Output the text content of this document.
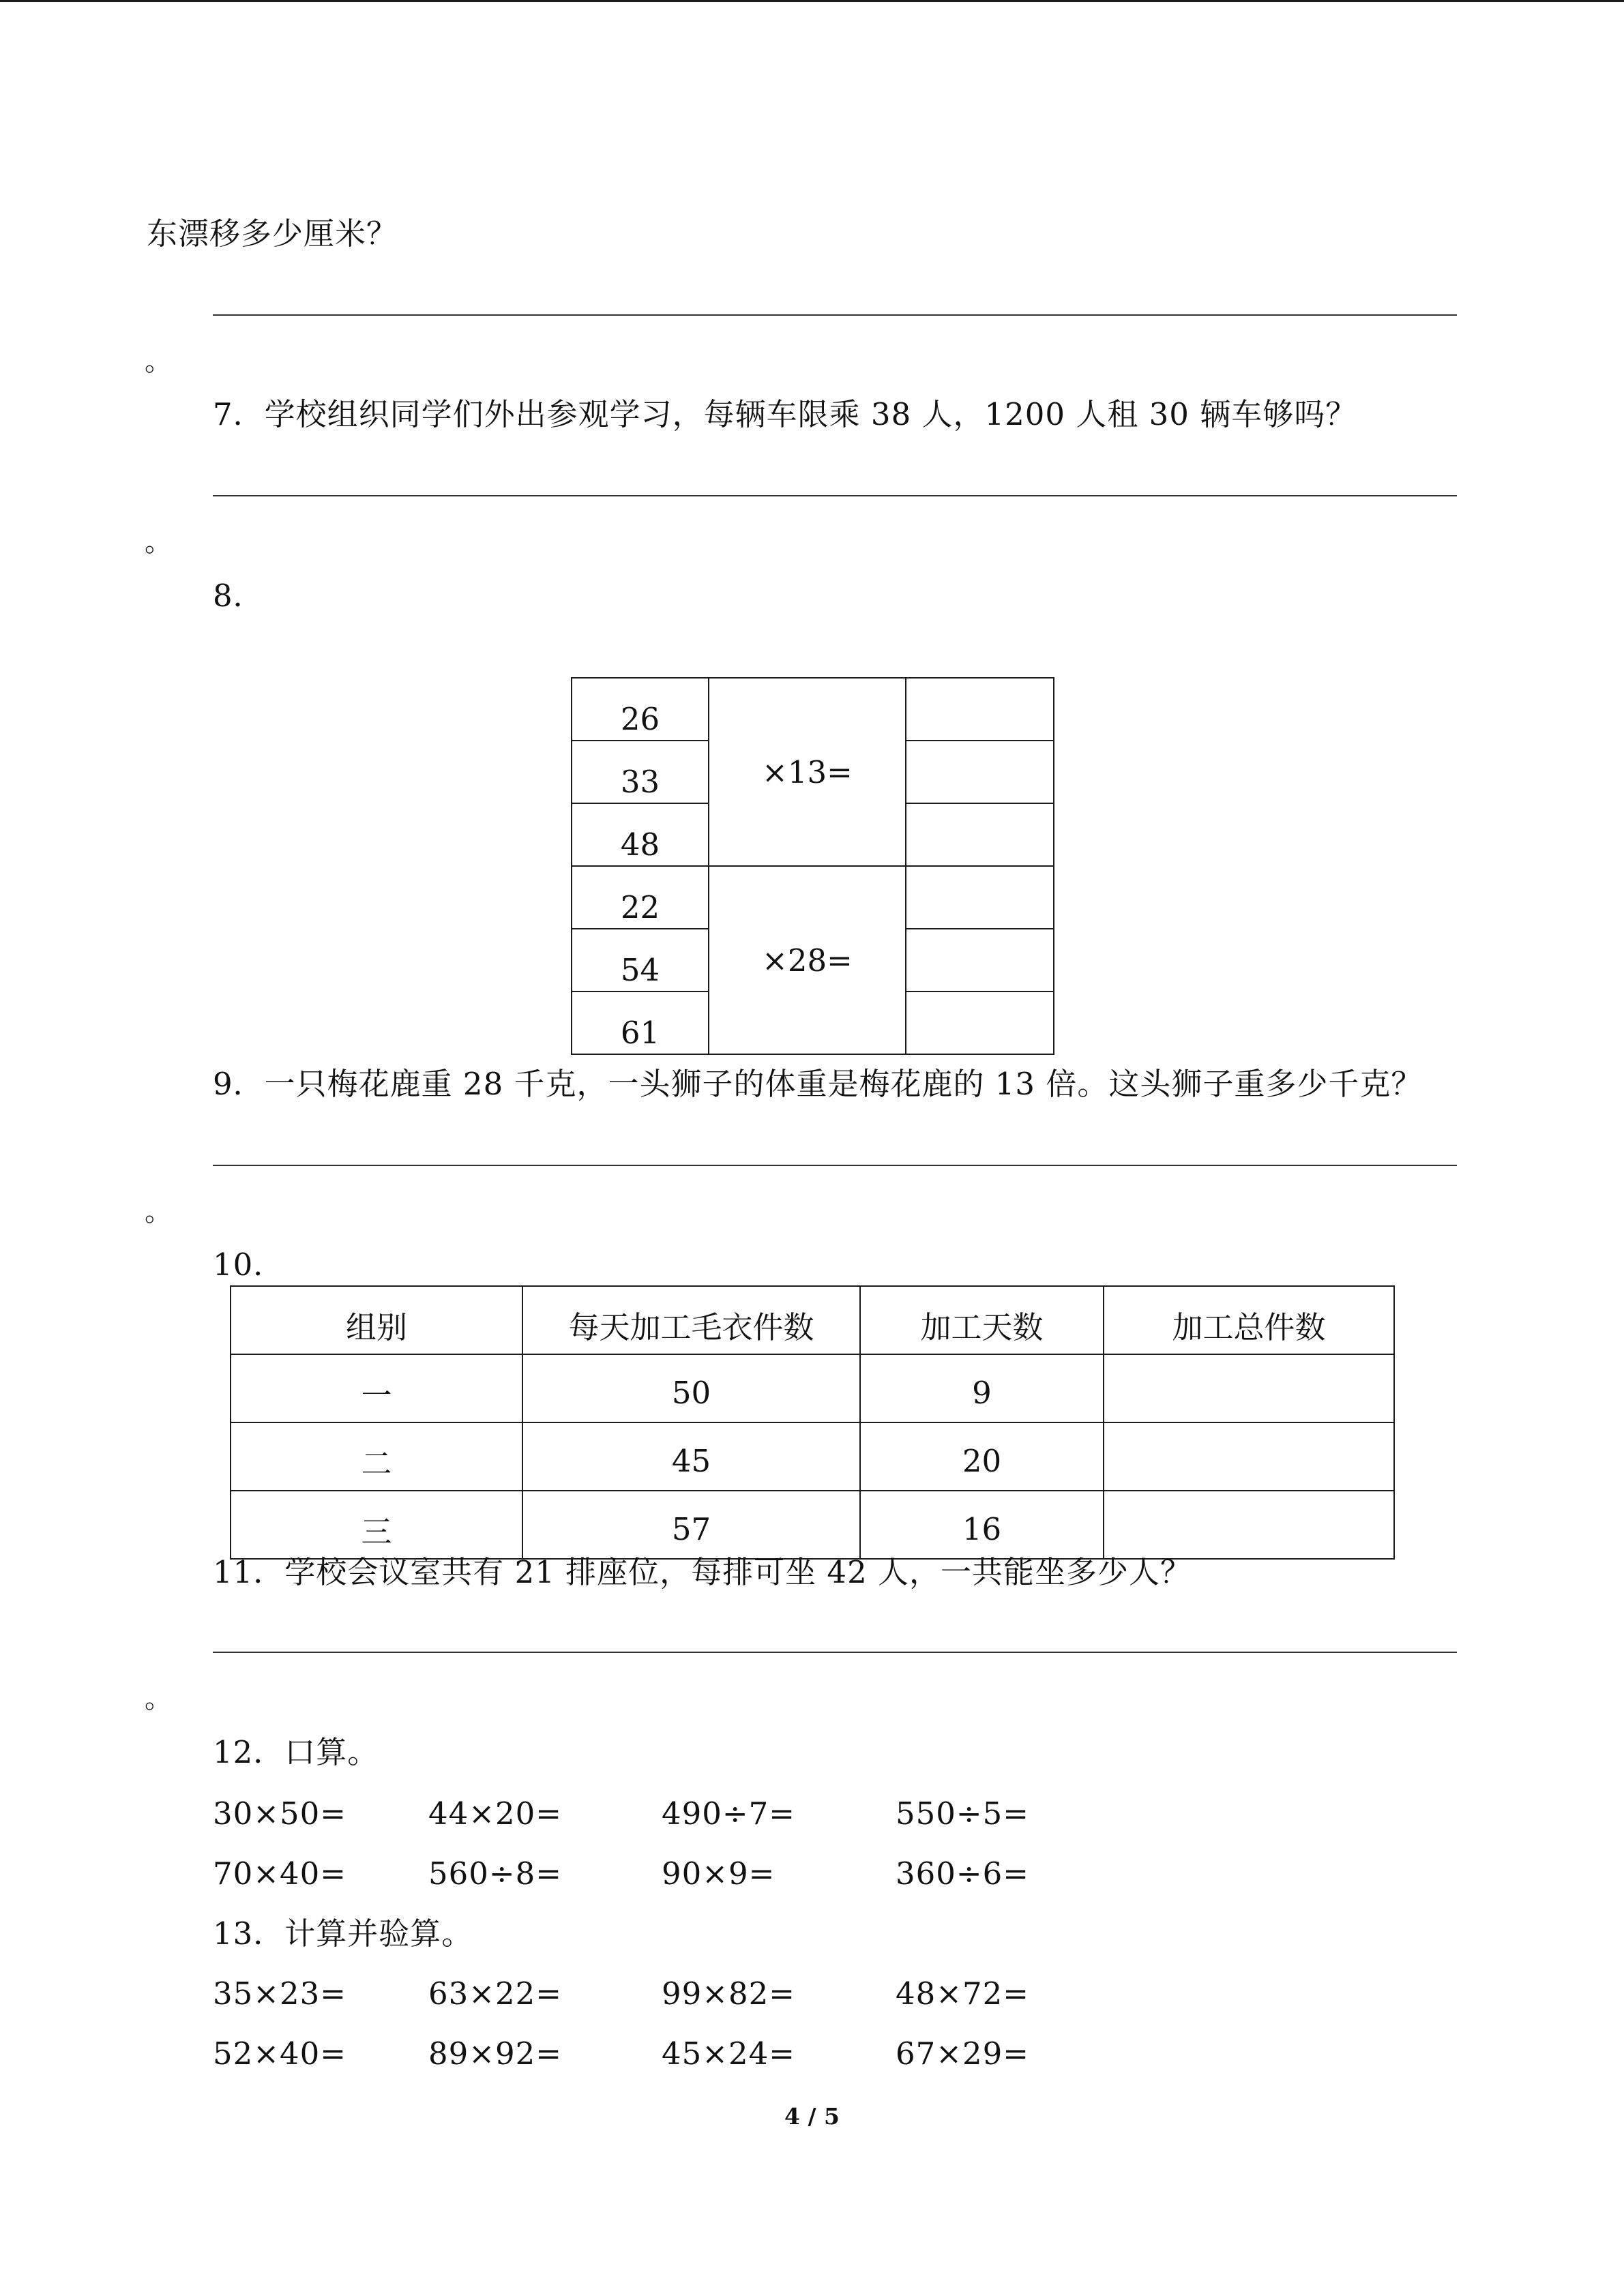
东漂移多少厘米？
。
7．学校组织同学们外出参观学习，每辆车限乘 38 人，1200 人租 30 辆车够吗？
。
8．
26	×13=	
33		
48		
22	×28=	
54		
61		
9．一只梅花鹿重 28 千克，一头狮子的体重是梅花鹿的 13 倍。这头狮子重多少千克？
。
10．
组别	每天加工毛衣件数	加工天数	加工总件数
一	50	9	
二	45	20	
三	57	16	
11．学校会议室共有 21 排座位，每排可坐 42 人，一共能坐多少人？
。
12．口算。
30×50=	44×20=	490÷7=	550÷5=
70×40=	560÷8=	90×9=	360÷6=
13．计算并验算。
35×23=	63×22=	99×82=	48×72=
52×40=	89×92=	45×24=	67×29=
4 / 5
